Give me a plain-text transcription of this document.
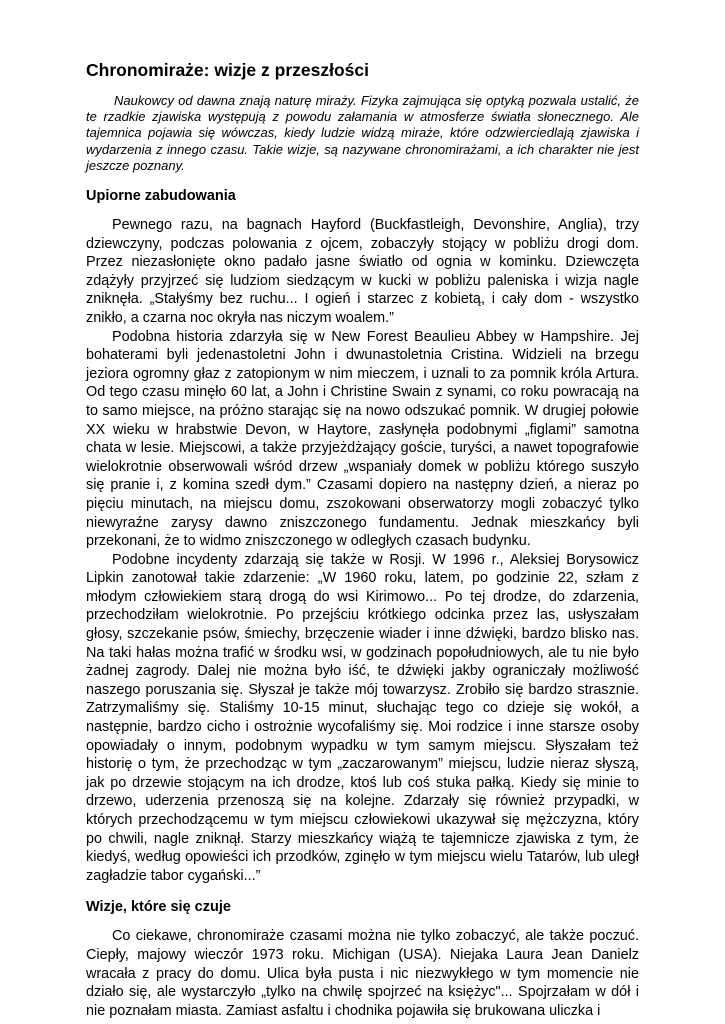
Chronomiraże: wizje z przeszłości

Naukowcy od dawna znają naturę miraży. Fizyka zajmująca się optyką pozwala ustalić, że te rzadkie zjawiska występują z powodu załamania w atmosferze światła słonecznego. Ale tajemnica pojawia się wówczas, kiedy ludzie widzą miraże, które odzwierciedlają zjawiska i wydarzenia z innego czasu. Takie wizje, są nazywane chronomirażami, a ich charakter nie jest jeszcze poznany.

Upiorne zabudowania

Pewnego razu, na bagnach Hayford (Buckfastleigh, Devonshire, Anglia), trzy dziewczyny, podczas polowania z ojcem, zobaczyły stojący w pobliżu drogi dom. Przez niezasłonięte okno padało jasne światło od ognia w kominku. Dziewczęta zdążyły przyjrzeć się ludziom siedzącym w kucki w pobliżu paleniska i wizja nagle zniknęła. „Stałyśmy bez ruchu... I ogień i starzec z kobietą, i cały dom - wszystko znikło, a czarna noc okryła nas niczym woalem.”

Podobna historia zdarzyła się w New Forest Beaulieu Abbey w Hampshire. Jej bohaterami byli jedenastoletni John i dwunastoletnia Cristina. Widzieli na brzegu jeziora ogromny głaz z zatopionym w nim mieczem, i uznali to za pomnik króla Artura. Od tego czasu minęło 60 lat, a John i Christine Swain z synami, co roku powracają na to samo miejsce, na próżno starając się na nowo odszukać pomnik. W drugiej połowie XX wieku w hrabstwie Devon, w Haytore, zasłynęła podobnymi „figlami” samotna chata w lesie. Miejscowi, a także przyjeżdżający goście, turyści, a nawet topografowie wielokrotnie obserwowali wśród drzew „wspaniały domek w pobliżu którego suszyło się pranie i, z komina szedł dym.” Czasami dopiero na następny dzień, a nieraz po pięciu minutach, na miejscu domu, zszokowani obserwatorzy mogli zobaczyć tylko niewyraźne zarysy dawno zniszczonego fundamentu. Jednak mieszkańcy byli przekonani, że to widmo zniszczonego w odległych czasach budynku.

Podobne incydenty zdarzają się także w Rosji. W 1996 r., Aleksiej Borysowicz Lipkin zanotował takie zdarzenie: „W 1960 roku, latem, po godzinie 22, szłam z młodym człowiekiem starą drogą do wsi Kirimowo... Po tej drodze, do zdarzenia, przechodziłam wielokrotnie. Po przejściu krótkiego odcinka przez las, usłyszałam głosy, szczekanie psów, śmiechy, brzęczenie wiader i inne dźwięki, bardzo blisko nas. Na taki hałas można trafić w środku wsi, w godzinach popołudniowych, ale tu nie było żadnej zagrody. Dalej nie można było iść, te dźwięki jakby ograniczały możliwość naszego poruszania się. Słyszał je także mój towarzysz. Zrobiło się bardzo strasznie. Zatrzymaliśmy się. Staliśmy 10-15 minut, słuchając tego co dzieje się wokół, a następnie, bardzo cicho i ostrożnie wycofaliśmy się. Moi rodzice i inne starsze osoby opowiadały o innym, podobnym wypadku w tym samym miejscu. Słyszałam też historię o tym, że przechodząc w tym „zaczarowanym” miejscu, ludzie nieraz słyszą, jak po drzewie stojącym na ich drodze, ktoś lub coś stuka pałką. Kiedy się minie to drzewo, uderzenia przenoszą się na kolejne. Zdarzały się również przypadki, w których przechodzącemu w tym miejscu człowiekowi ukazywał się mężczyzna, który po chwili, nagle zniknął. Starzy mieszkańcy wiążą te tajemnicze zjawiska z tym, że kiedyś, według opowieści ich przodków, zginęło w tym miejscu wielu Tatarów, lub uległ zagładzie tabor cygański...”

Wizje, które się czuje

Co ciekawe, chronomiraże czasami można nie tylko zobaczyć, ale także poczuć. Ciepły, majowy wieczór 1973 roku. Michigan (USA). Niejaka Laura Jean Danielz wracała z pracy do domu. Ulica była pusta i nic niezwykłego w tym momencie nie działo się, ale wystarczyło „tylko na chwilę spojrzeć na księżyc"... Spojrzałam w dół i nie poznałam miasta. Zamiast asfaltu i chodnika pojawiła się brukowana uliczka i
